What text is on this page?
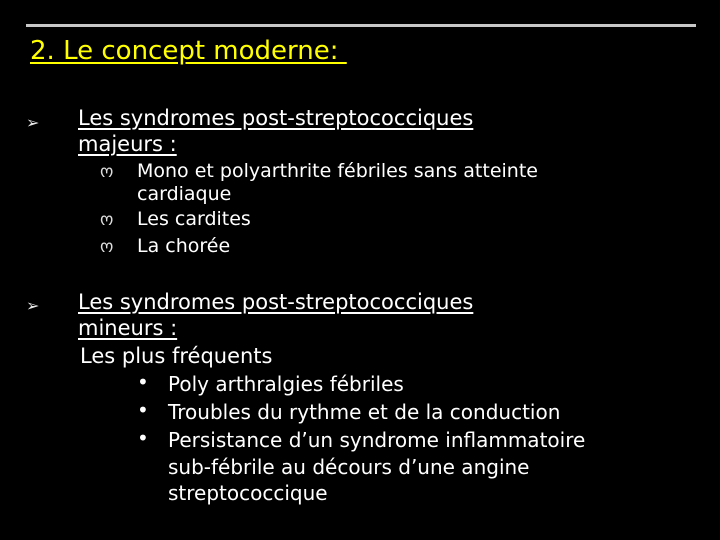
2. Le concept moderne:
➢ Les syndromes post-streptococciques
majeurs :
ო Mono et polyarthrite fébriles sans atteinte
cardiaque
ო Les cardites
ო La chorée
➢ Les syndromes post-streptococciques
mineurs :
Les plus fréquents
• Poly arthralgies fébriles
• Troubles du rythme et de la conduction
• Persistance d’un syndrome inflammatoire
sub-fébrile au décours d’une angine
streptococcique
